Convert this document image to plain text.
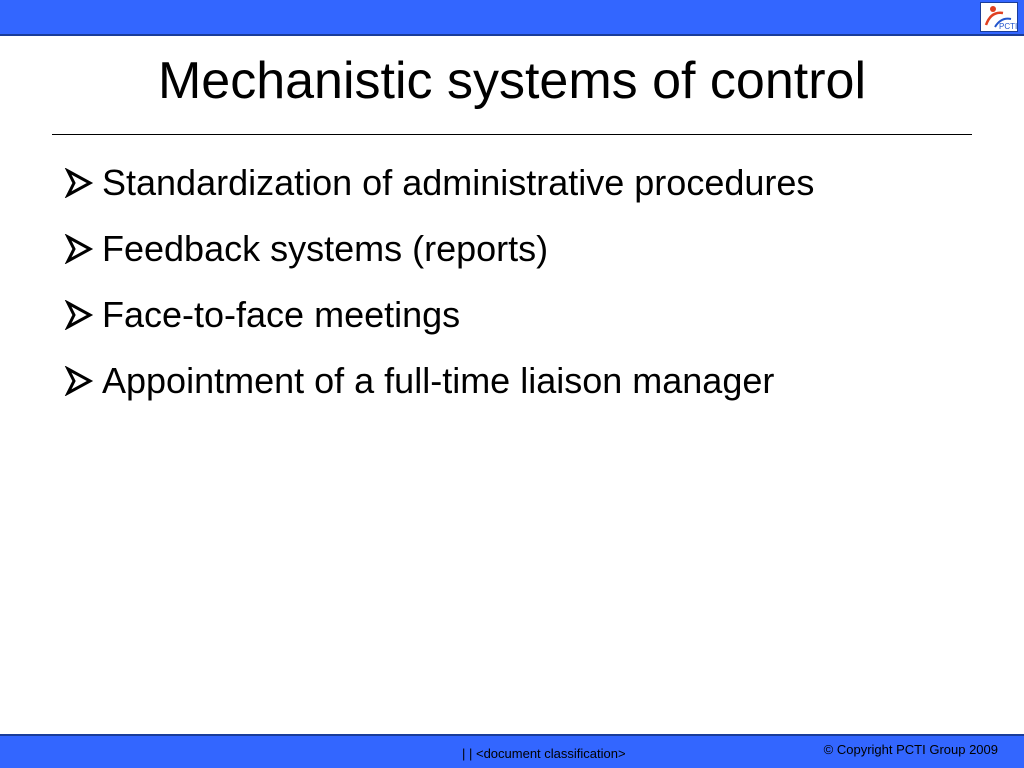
PCTI
Mechanistic systems of control
Standardization of administrative procedures
Feedback systems (reports)
Face-to-face meetings
Appointment of a full-time liaison manager
| | <document classification>	© Copyright PCTI Group 2009
